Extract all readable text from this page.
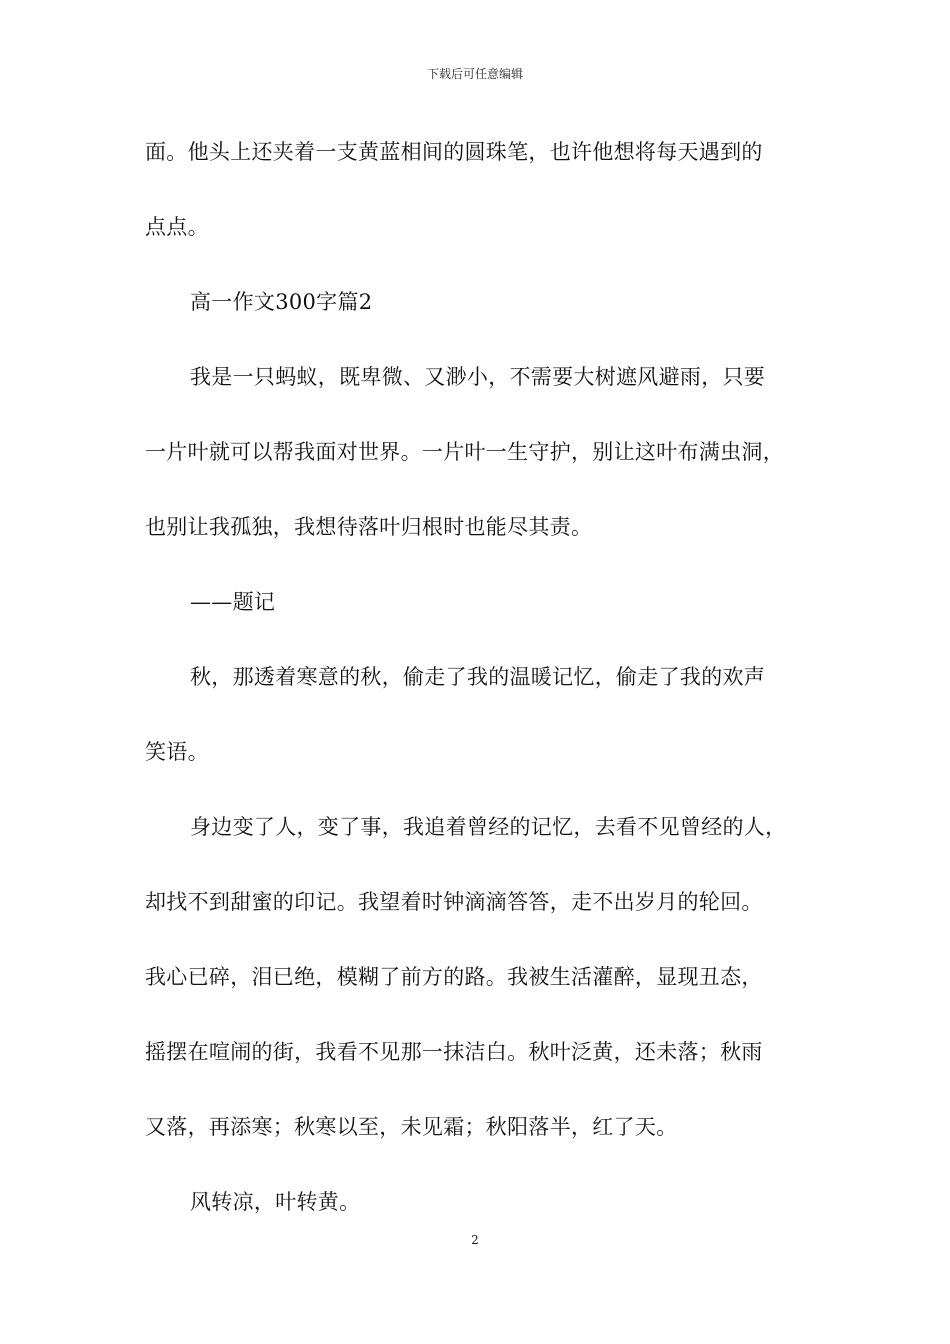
下载后可任意编辑
面。他头上还夹着一支黄蓝相间的圆珠笔，也许他想将每天遇到的
点点。
高一作文300字篇2
我是一只蚂蚁，既卑微、又渺小，不需要大树遮风避雨，只要
一片叶就可以帮我面对世界。一片叶一生守护，别让这叶布满虫洞，
也别让我孤独，我想待落叶归根时也能尽其责。
——题记
秋，那透着寒意的秋，偷走了我的温暖记忆，偷走了我的欢声
笑语。
身边变了人，变了事，我追着曾经的记忆，去看不见曾经的人，
却找不到甜蜜的印记。我望着时钟滴滴答答，走不出岁月的轮回。
我心已碎，泪已绝，模糊了前方的路。我被生活灌醉，显现丑态，
摇摆在喧闹的街，我看不见那一抹洁白。秋叶泛黄，还未落；秋雨
又落，再添寒；秋寒以至，未见霜；秋阳落半，红了天。
风转凉，叶转黄。
2
